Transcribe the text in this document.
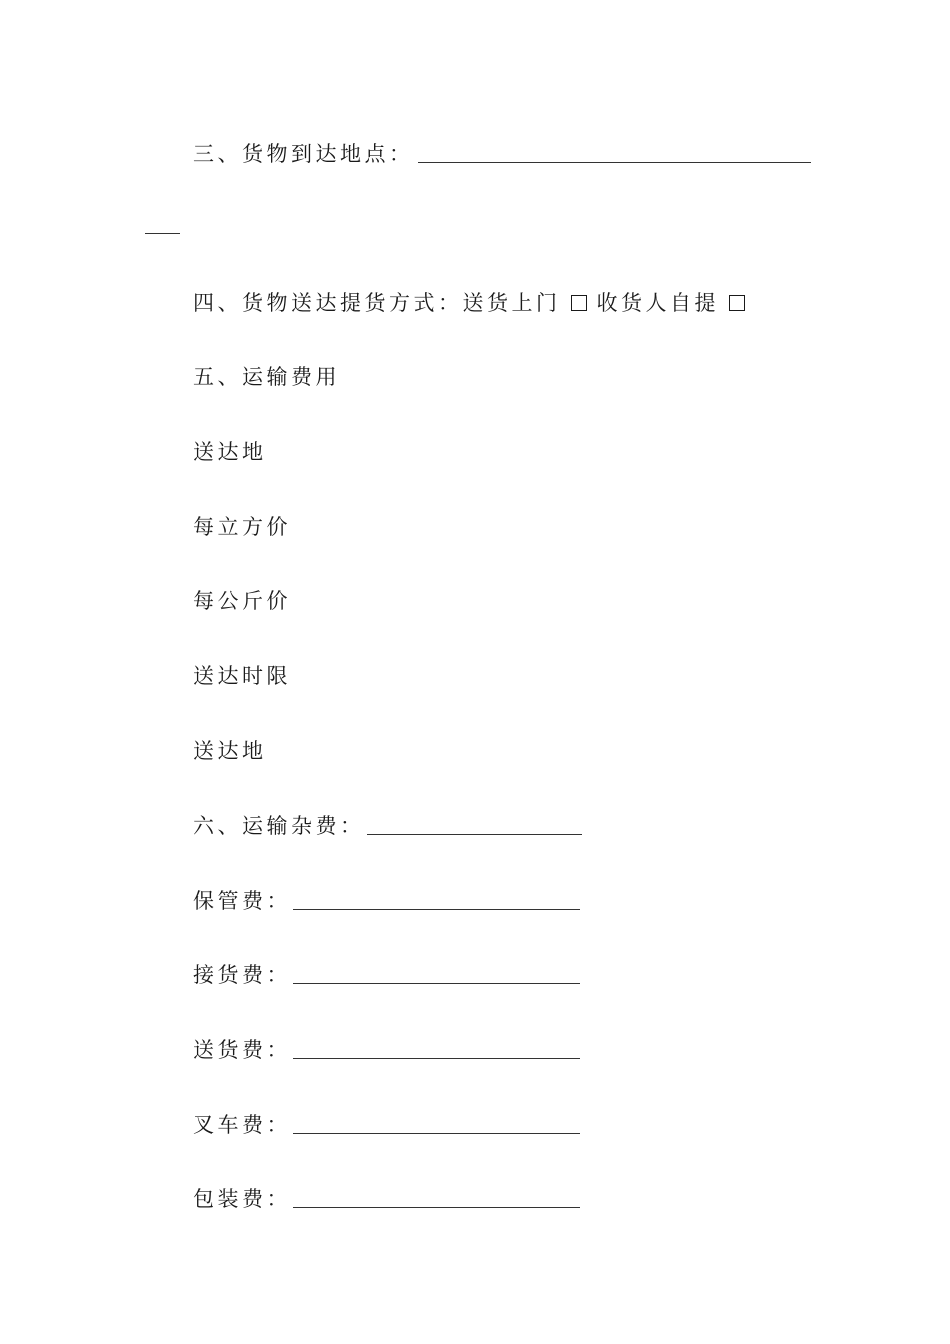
三、货物到达地点：
四、货物送达提货方式： 送货上门 收货人自提
五、运输费用
送达地
每立方价
每公斤价
送达时限
送达地
六、运输杂费：
保管费：
接货费：
送货费：
叉车费：
包装费：
